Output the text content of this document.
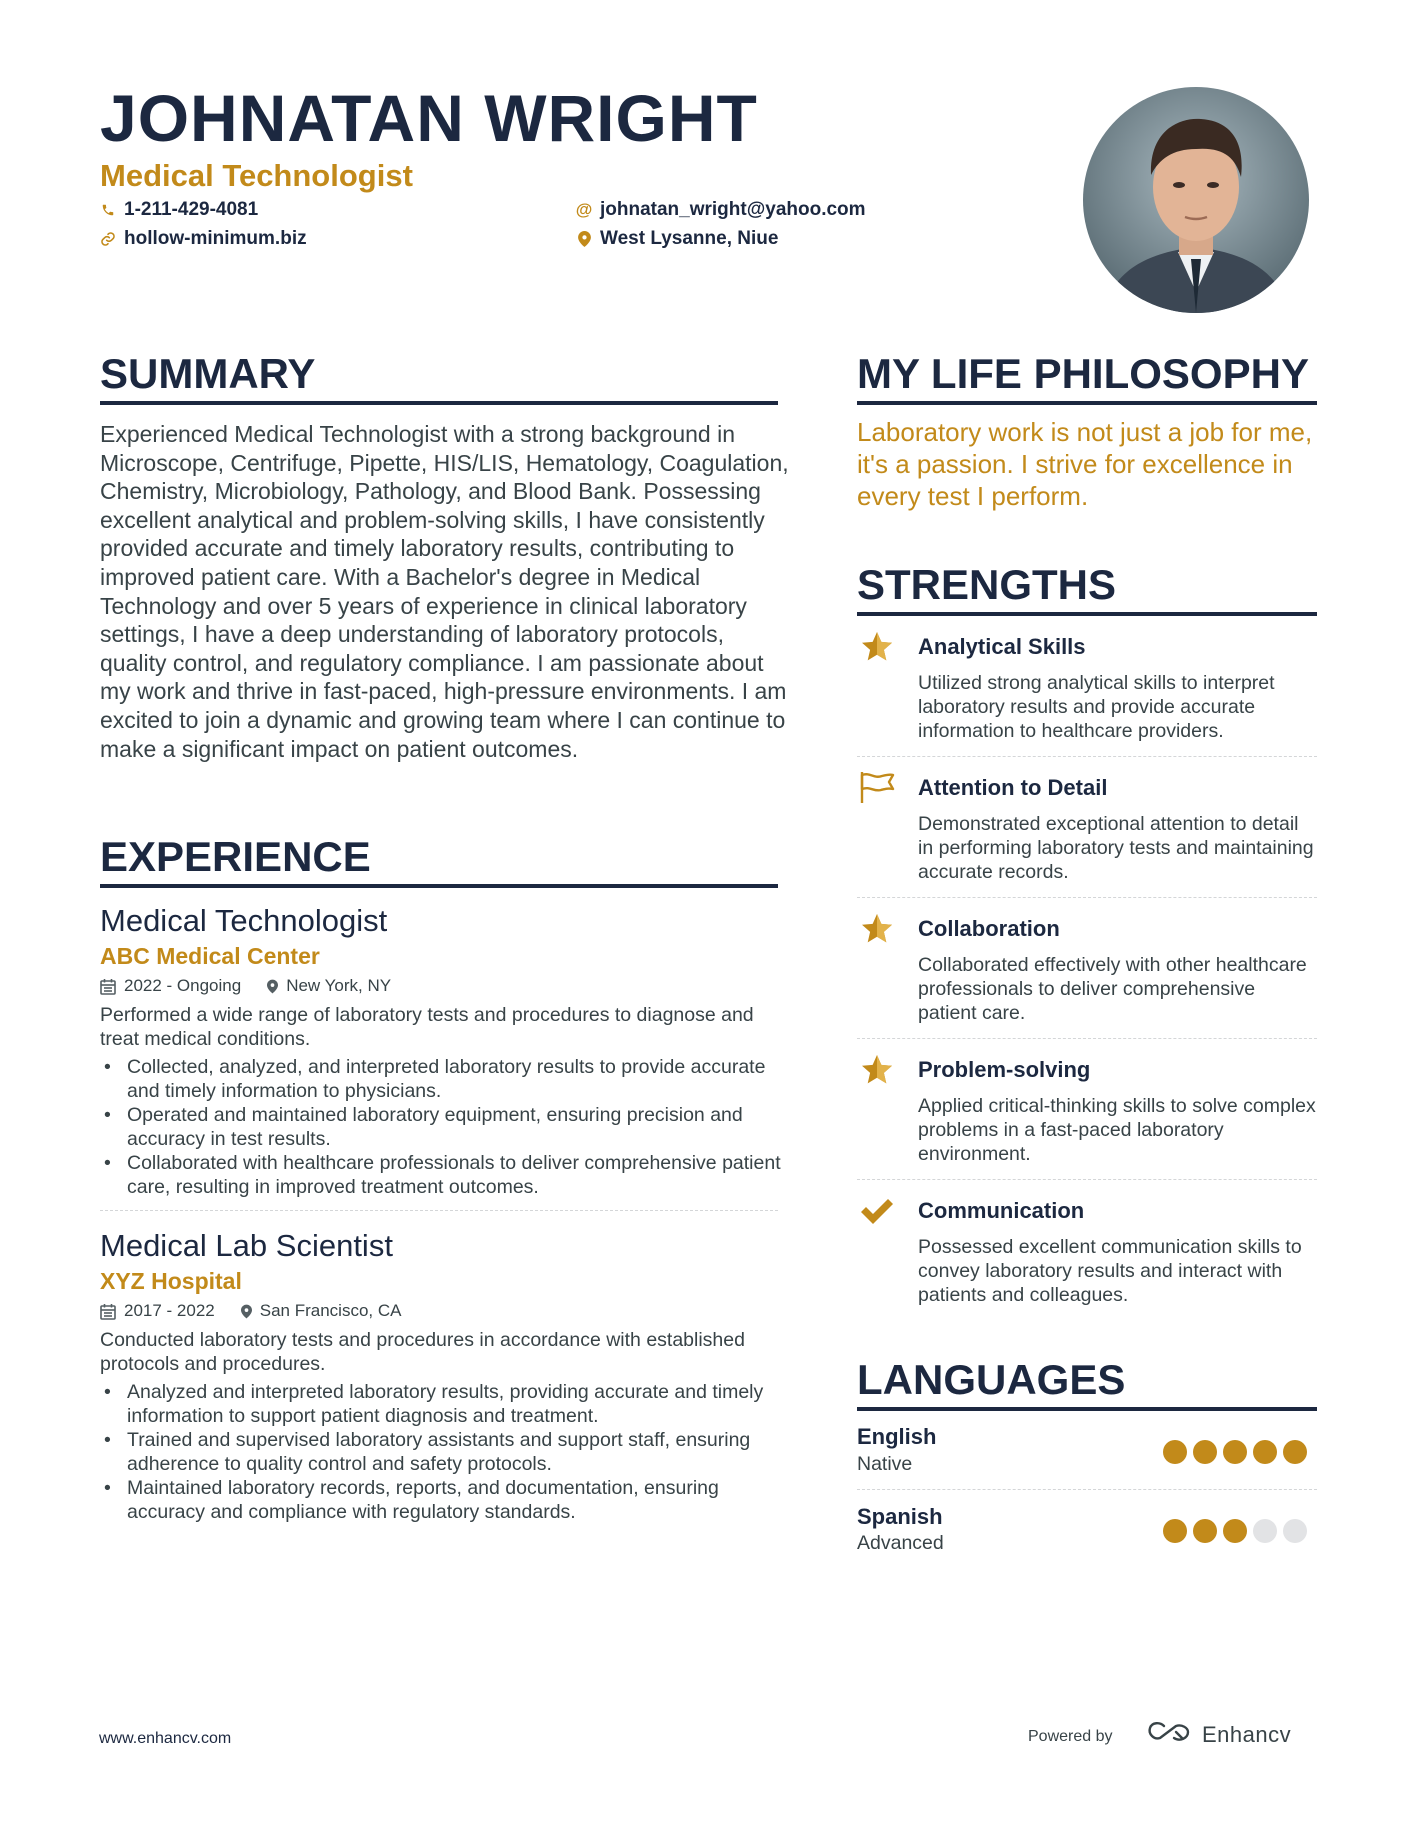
JOHNATAN WRIGHT
Medical Technologist
1-211-429-4081
hollow-minimum.biz
@ johnatan_wright@yahoo.com
West Lysanne, Niue
SUMMARY
Experienced Medical Technologist with a strong background in Microscope, Centrifuge, Pipette, HIS/LIS, Hematology, Coagulation, Chemistry, Microbiology, Pathology, and Blood Bank. Possessing excellent analytical and problem-solving skills, I have consistently provided accurate and timely laboratory results, contributing to improved patient care. With a Bachelor's degree in Medical Technology and over 5 years of experience in clinical laboratory settings, I have a deep understanding of laboratory protocols, quality control, and regulatory compliance. I am passionate about my work and thrive in fast-paced, high-pressure environments. I am excited to join a dynamic and growing team where I can continue to make a significant impact on patient outcomes.
EXPERIENCE
Medical Technologist
ABC Medical Center
2022 - Ongoing	New York, NY
Performed a wide range of laboratory tests and procedures to diagnose and treat medical conditions.
• Collected, analyzed, and interpreted laboratory results to provide accurate and timely information to physicians.
• Operated and maintained laboratory equipment, ensuring precision and accuracy in test results.
• Collaborated with healthcare professionals to deliver comprehensive patient care, resulting in improved treatment outcomes.
Medical Lab Scientist
XYZ Hospital
2017 - 2022	San Francisco, CA
Conducted laboratory tests and procedures in accordance with established protocols and procedures.
• Analyzed and interpreted laboratory results, providing accurate and timely information to support patient diagnosis and treatment.
• Trained and supervised laboratory assistants and support staff, ensuring adherence to quality control and safety protocols.
• Maintained laboratory records, reports, and documentation, ensuring accuracy and compliance with regulatory standards.
MY LIFE PHILOSOPHY
Laboratory work is not just a job for me, it's a passion. I strive for excellence in every test I perform.
STRENGTHS
Analytical Skills
Utilized strong analytical skills to interpret laboratory results and provide accurate information to healthcare providers.
Attention to Detail
Demonstrated exceptional attention to detail in performing laboratory tests and maintaining accurate records.
Collaboration
Collaborated effectively with other healthcare professionals to deliver comprehensive patient care.
Problem-solving
Applied critical-thinking skills to solve complex problems in a fast-paced laboratory environment.
Communication
Possessed excellent communication skills to convey laboratory results and interact with patients and colleagues.
LANGUAGES
English
Native
Spanish
Advanced
www.enhancv.com	Powered by	Enhancv
